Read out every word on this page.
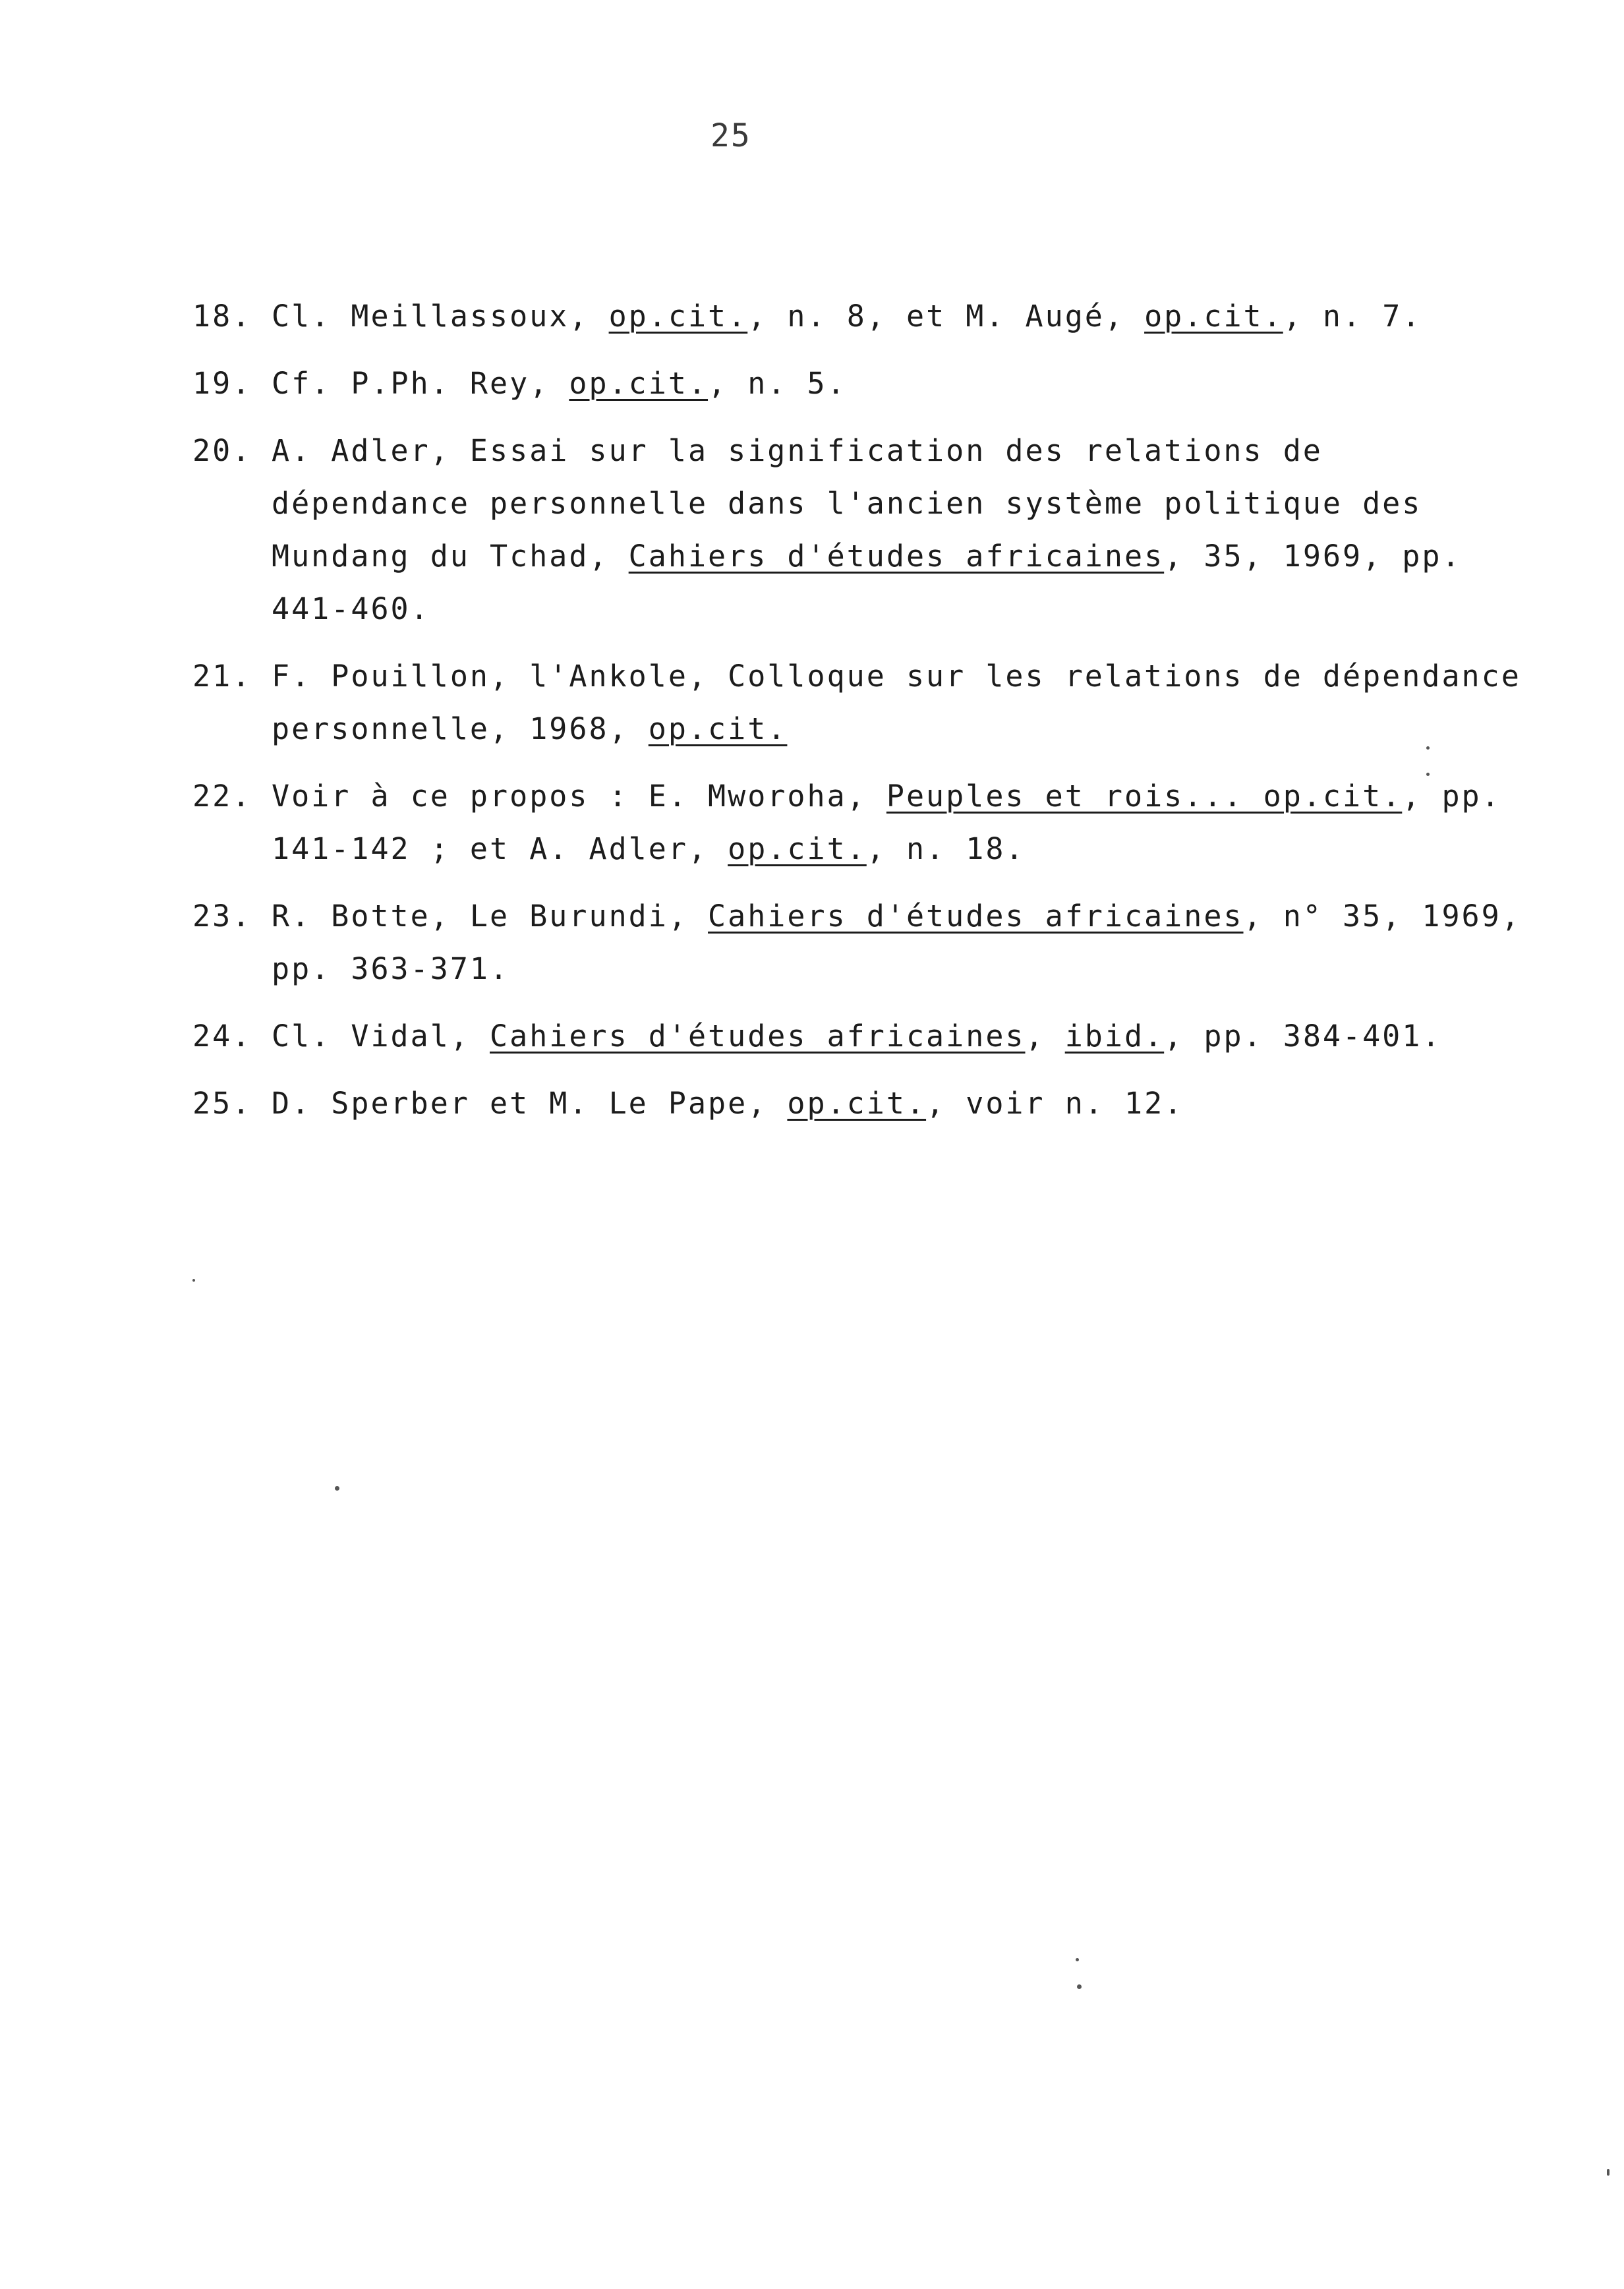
25
18. Cl. Meillassoux, op.cit., n. 8, et M. Augé, op.cit., n. 7.
19. Cf. P.Ph. Rey, op.cit., n. 5.
20. A. Adler, Essai sur la signification des relations de dépendance personnelle dans l'ancien système politique des Mundang du Tchad, Cahiers d'études africaines, 35, 1969, pp. 441-460.
21. F. Pouillon, l'Ankole, Colloque sur les relations de dépendance personnelle, 1968, op.cit.
22. Voir à ce propos : E. Mworoha, Peuples et rois... op.cit., pp. 141-142 ; et A. Adler, op.cit., n. 18.
23. R. Botte, Le Burundi, Cahiers d'études africaines, n° 35, 1969, pp. 363-371.
24. Cl. Vidal, Cahiers d'études africaines, ibid., pp. 384-401.
25. D. Sperber et M. Le Pape, op.cit., voir n. 12.
